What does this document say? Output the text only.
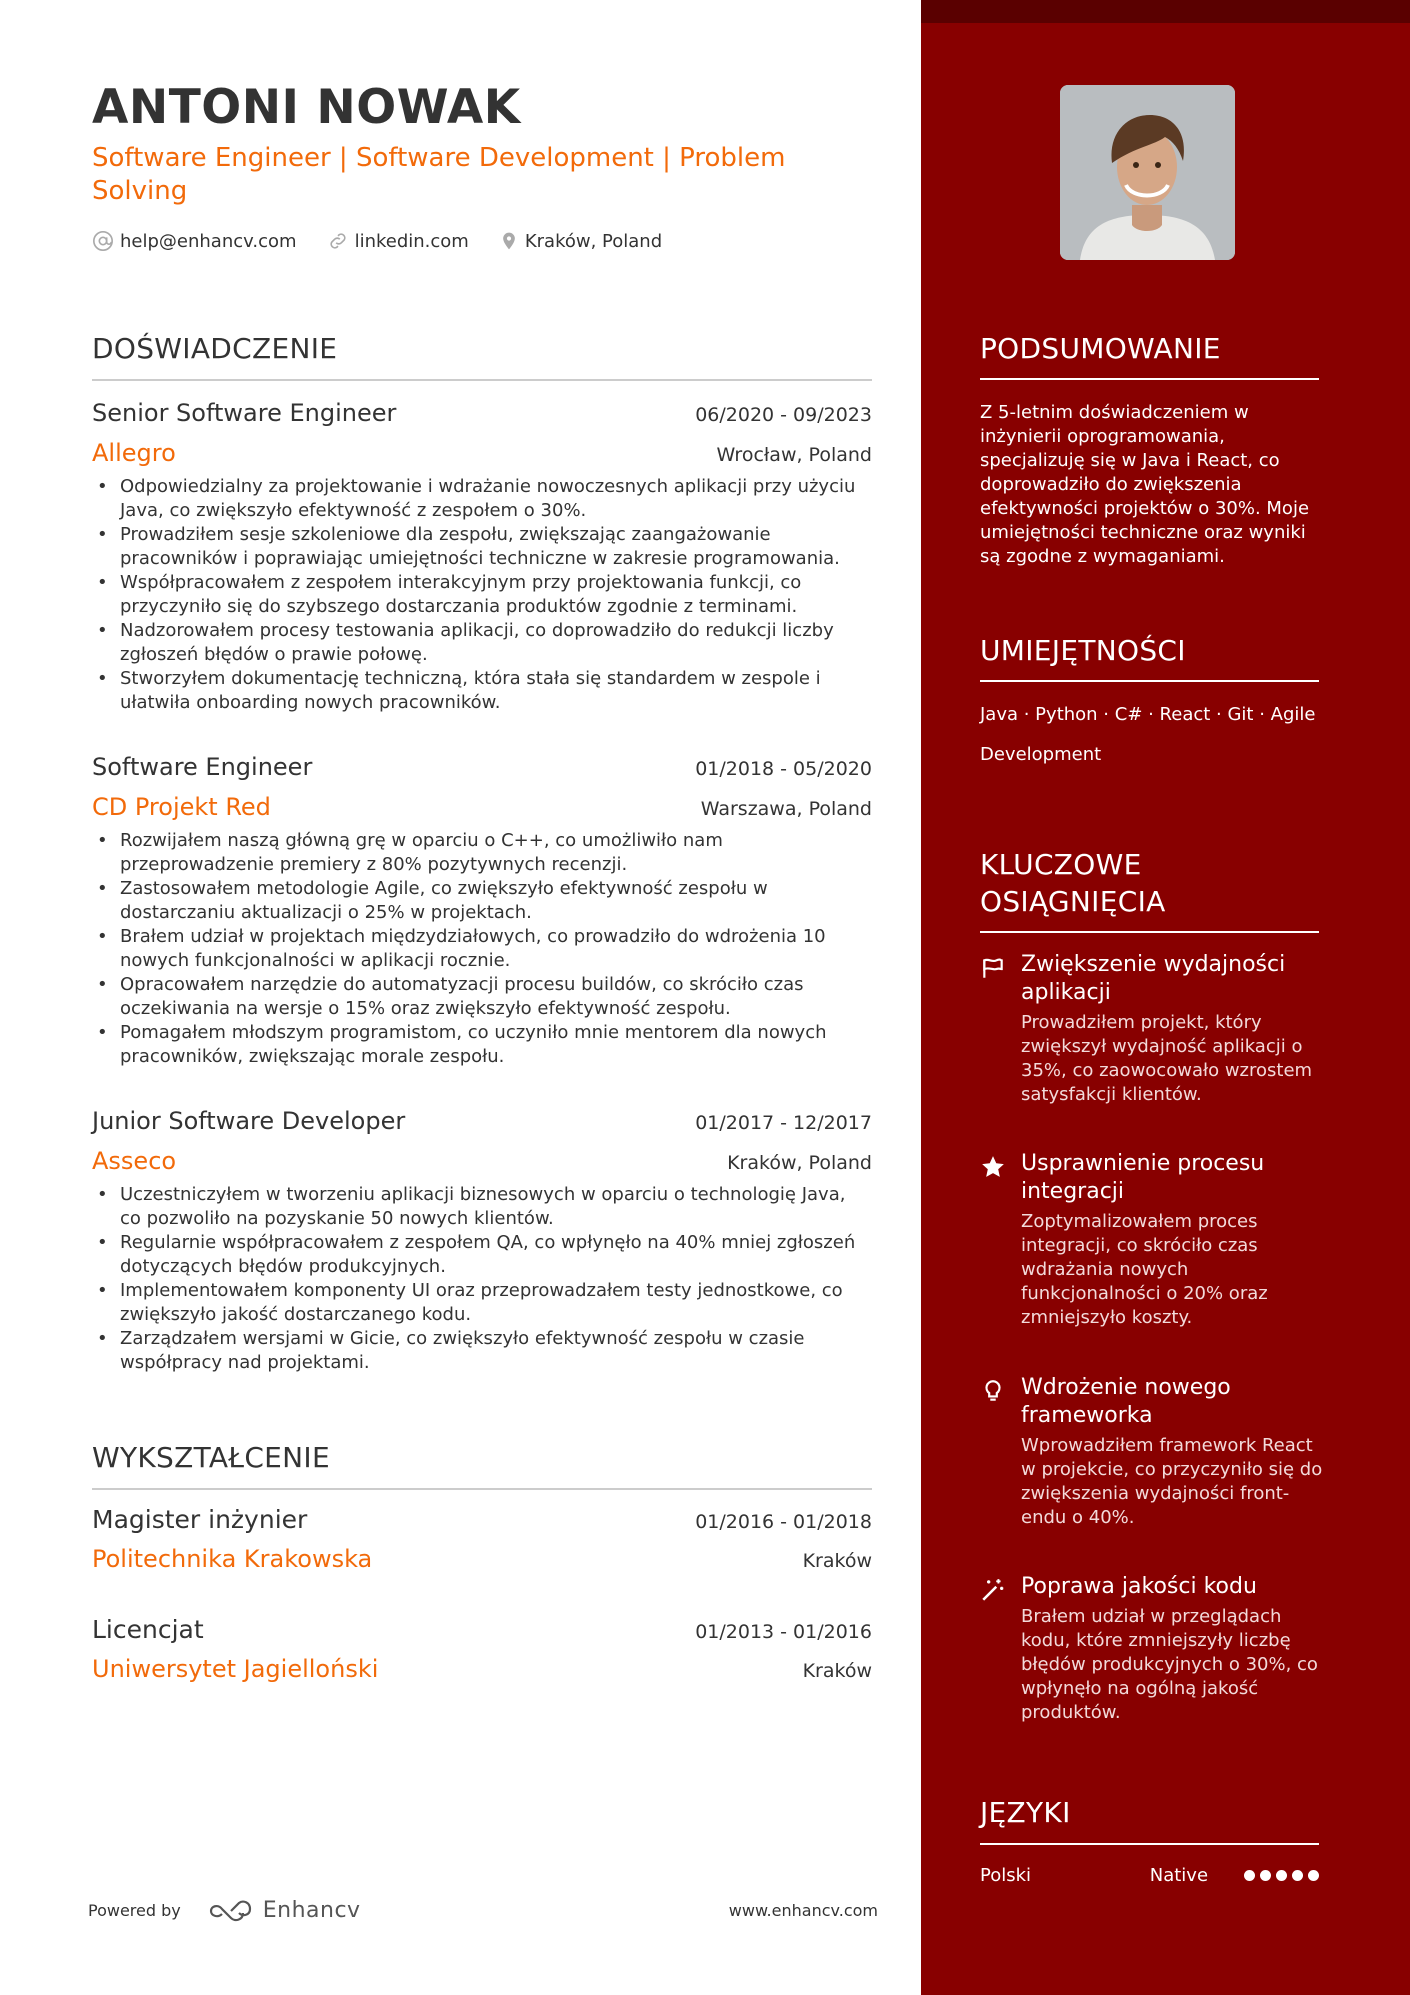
ANTONI NOWAK
Software Engineer | Software Development | Problem Solving
help@enhancv.com	linkedin.com	Kraków, Poland
DOŚWIADCZENIE
Senior Software Engineer	06/2020 - 09/2023
Allegro	Wrocław, Poland
• Odpowiedzialny za projektowanie i wdrażanie nowoczesnych aplikacji przy użyciu Java, co zwiększyło efektywność z zespołem o 30%.
• Prowadziłem sesje szkoleniowe dla zespołu, zwiększając zaangażowanie pracowników i poprawiając umiejętności techniczne w zakresie programowania.
• Współpracowałem z zespołem interakcyjnym przy projektowania funkcji, co przyczyniło się do szybszego dostarczania produktów zgodnie z terminami.
• Nadzorowałem procesy testowania aplikacji, co doprowadziło do redukcji liczby zgłoszeń błędów o prawie połowę.
• Stworzyłem dokumentację techniczną, która stała się standardem w zespole i ułatwiła onboarding nowych pracowników.
Software Engineer	01/2018 - 05/2020
CD Projekt Red	Warszawa, Poland
• Rozwijałem naszą główną grę w oparciu o C++, co umożliwiło nam przeprowadzenie premiery z 80% pozytywnych recenzji.
• Zastosowałem metodologie Agile, co zwiększyło efektywność zespołu w dostarczaniu aktualizacji o 25% w projektach.
• Brałem udział w projektach międzydziałowych, co prowadziło do wdrożenia 10 nowych funkcjonalności w aplikacji rocznie.
• Opracowałem narzędzie do automatyzacji procesu buildów, co skróciło czas oczekiwania na wersje o 15% oraz zwiększyło efektywność zespołu.
• Pomagałem młodszym programistom, co uczyniło mnie mentorem dla nowych pracowników, zwiększając morale zespołu.
Junior Software Developer	01/2017 - 12/2017
Asseco	Kraków, Poland
• Uczestniczyłem w tworzeniu aplikacji biznesowych w oparciu o technologię Java, co pozwoliło na pozyskanie 50 nowych klientów.
• Regularnie współpracowałem z zespołem QA, co wpłynęło na 40% mniej zgłoszeń dotyczących błędów produkcyjnych.
• Implementowałem komponenty UI oraz przeprowadzałem testy jednostkowe, co zwiększyło jakość dostarczanego kodu.
• Zarządzałem wersjami w Gicie, co zwiększyło efektywność zespołu w czasie współpracy nad projektami.
WYKSZTAŁCENIE
Magister inżynier	01/2016 - 01/2018
Politechnika Krakowska	Kraków
Licencjat	01/2013 - 01/2016
Uniwersytet Jagielloński	Kraków
Powered by	Enhancv	www.enhancv.com
PODSUMOWANIE
Z 5-letnim doświadczeniem w inżynierii oprogramowania, specjalizuję się w Java i React, co doprowadziło do zwiększenia efektywności projektów o 30%. Moje umiejętności techniczne oraz wyniki są zgodne z wymaganiami.
UMIEJĘTNOŚCI
Java · Python · C# · React · Git · Agile Development
KLUCZOWE OSIĄGNIĘCIA
Zwiększenie wydajności aplikacji
Prowadziłem projekt, który zwiększył wydajność aplikacji o 35%, co zaowocowało wzrostem satysfakcji klientów.
Usprawnienie procesu integracji
Zoptymalizowałem proces integracji, co skróciło czas wdrażania nowych funkcjonalności o 20% oraz zmniejszyło koszty.
Wdrożenie nowego frameworka
Wprowadziłem framework React w projekcie, co przyczyniło się do zwiększenia wydajności front-endu o 40%.
Poprawa jakości kodu
Brałem udział w przeglądach kodu, które zmniejszyły liczbę błędów produkcyjnych o 30%, co wpłynęło na ogólną jakość produktów.
JĘZYKI
Polski	Native
